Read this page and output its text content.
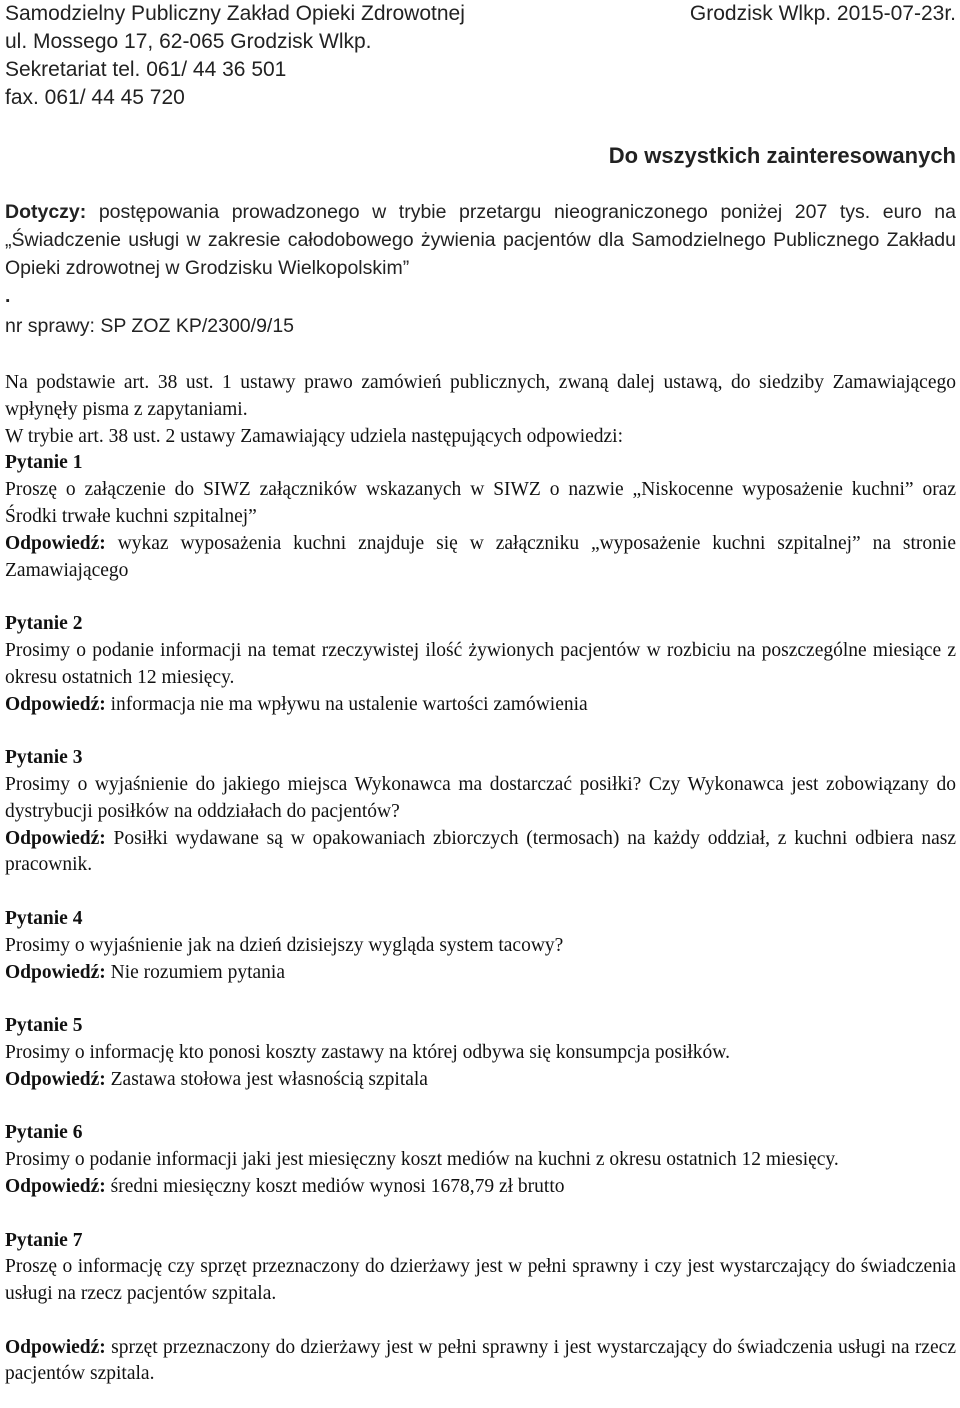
Samodzielny Publiczny Zakład Opieki Zdrowotnej
ul. Mossego 17, 62-065 Grodzisk Wlkp.
Sekretariat tel. 061/ 44 36 501
fax. 061/ 44 45 720
Grodzisk Wlkp. 2015-07-23r.
Do wszystkich zainteresowanych
Dotyczy: postępowania prowadzonego w trybie przetargu nieograniczonego poniżej 207 tys. euro na „Świadczenie usługi w zakresie całodobowego żywienia pacjentów dla Samodzielnego Publicznego Zakładu Opieki zdrowotnej w Grodzisku Wielkopolskim”
.
nr sprawy: SP ZOZ KP/2300/9/15

Na podstawie art. 38 ust. 1 ustawy prawo zamówień publicznych, zwaną dalej ustawą, do siedziby Zamawiającego wpłynęły pisma z zapytaniami.

W trybie art. 38 ust. 2 ustawy Zamawiający udziela następujących odpowiedzi:

Pytanie 1

Proszę o załączenie do SIWZ załączników wskazanych w SIWZ o nazwie „Niskocenne wyposażenie kuchni” oraz Środki trwałe kuchni szpitalnej”

Odpowiedź: wykaz wyposażenia kuchni znajduje się w załączniku „wyposażenie kuchni szpitalnej” na stronie Zamawiającego

Pytanie 2

Prosimy o podanie informacji na temat rzeczywistej ilość żywionych pacjentów w rozbiciu na poszczególne miesiące z okresu ostatnich 12 miesięcy.

Odpowiedź: informacja nie ma wpływu na ustalenie wartości zamówienia

Pytanie 3

Prosimy o wyjaśnienie do jakiego miejsca Wykonawca ma dostarczać posiłki? Czy Wykonawca jest zobowiązany do dystrybucji posiłków na oddziałach do pacjentów?

Odpowiedź: Posiłki wydawane są w opakowaniach zbiorczych (termosach) na każdy oddział, z kuchni odbiera nasz pracownik.

Pytanie 4

Prosimy o wyjaśnienie jak na dzień dzisiejszy wygląda system tacowy?

Odpowiedź: Nie rozumiem pytania

Pytanie 5

Prosimy o informację kto ponosi koszty zastawy na której odbywa się konsumpcja posiłków.

Odpowiedź: Zastawa stołowa jest własnością szpitala

Pytanie 6

Prosimy o podanie informacji jaki jest miesięczny koszt mediów na kuchni z okresu ostatnich 12 miesięcy.

Odpowiedź: średni miesięczny koszt mediów wynosi 1678,79 zł brutto

Pytanie 7

Proszę o informację czy sprzęt przeznaczony do dzierżawy jest w pełni sprawny i czy jest wystarczający do świadczenia usługi na rzecz pacjentów szpitala.

Odpowiedź: sprzęt przeznaczony do dzierżawy jest w pełni sprawny i jest wystarczający do świadczenia usługi na rzecz pacjentów szpitala.
